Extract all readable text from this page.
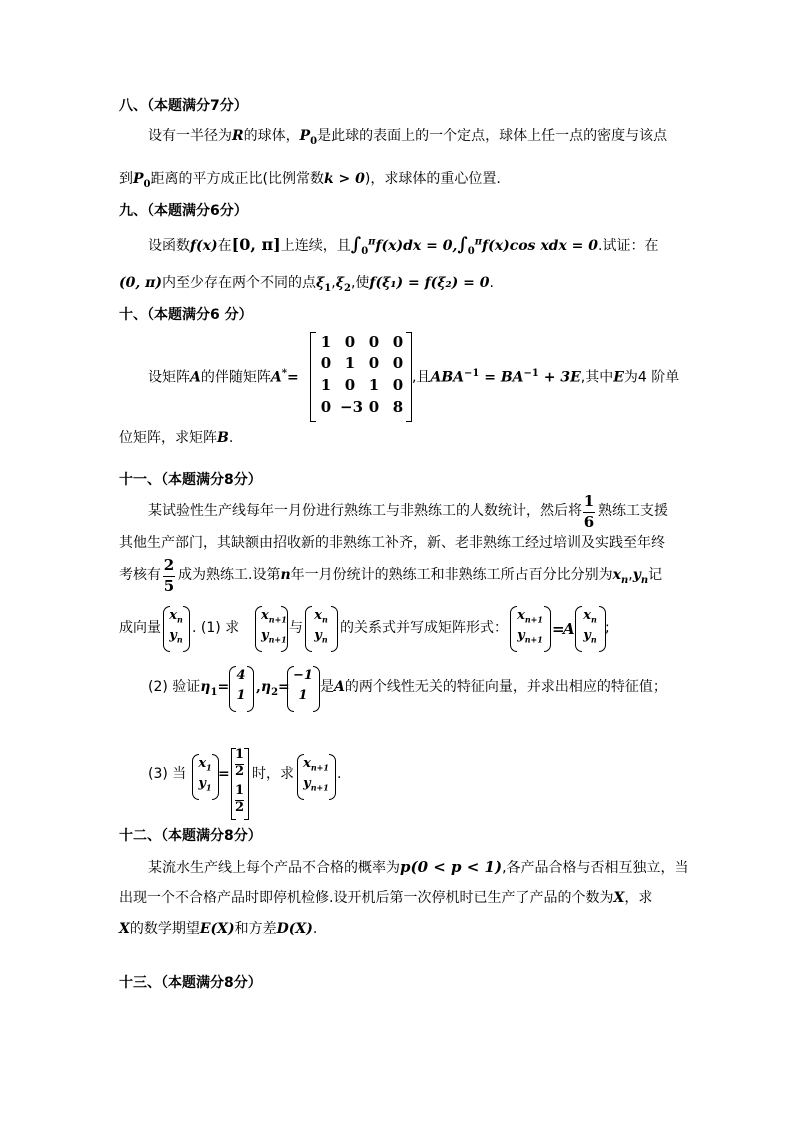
八、（本题满分7分）
设有一半径为R的球体，$P_0$是此球的表面上的一个定点，球体上任一点的密度与该点
到$P_0$距离的平方成正比(比例常数k > 0)，求球体的重心位置.
九、（本题满分6分）
设函数f(x)在[0, π]上连续，且$\int_0^\pi f(x)dx = 0,\int_0^\pi f(x)\cos$ xdx = 0.试证：在
(0, π)内至少存在两个不同的点$\xi_1,\xi_2$,使f(ξ₁) = f(ξ₂) = 0.
十、（本题满分6 分）
设矩阵A的伴随矩阵A*=
1 0 0 0
0 1 0 0
1 0 1 0
0 −3 0 8
,且$ABA^{-1} = BA^{-1} + 3E$,其中E为4 阶单
位矩阵，求矩阵B.
十一、（本题满分8分）
某试验性生产线每年一月份进行熟练工与非熟练工的人数统计，然后将
1
6
熟练工支援
其他生产部门，其缺额由招收新的非熟练工补齐，新、老非熟练工经过培训及实践至年终
考核有
2
5
成为熟练工.设第n年一月份统计的熟练工和非熟练工所占百分比分别为$x_n,y_n$记
成向量
$x_n$
$y_n$
$x_{n+1}$
$y_{n+1}$
$x_n$
$y_n$
$x_{n+1}$
$y_{n+1}$
$x_n$
$y_n$
4
1
−1
1
$x_1$
$y_1$
$x_{n+1}$
$y_{n+1}$
. (1) 求	与	的关系式并写成矩阵形式：	=
A ;
(2) 验证$\eta_1= ,\eta_2=$ 是A的两个线性无关的特征向量，并求出相应的特征值；
(3) 当 = 时，求	.
1
2
1
2
十二、（本题满分8分）
某流水生产线上每个产品不合格的概率为p(0 < p < 1),各产品合格与否相互独立，当
出现一个不合格产品时即停机检修.设开机后第一次停机时已生产了产品的个数为X，求
X的数学期望E(X)和方差D(X).
十三、（本题满分8分）
